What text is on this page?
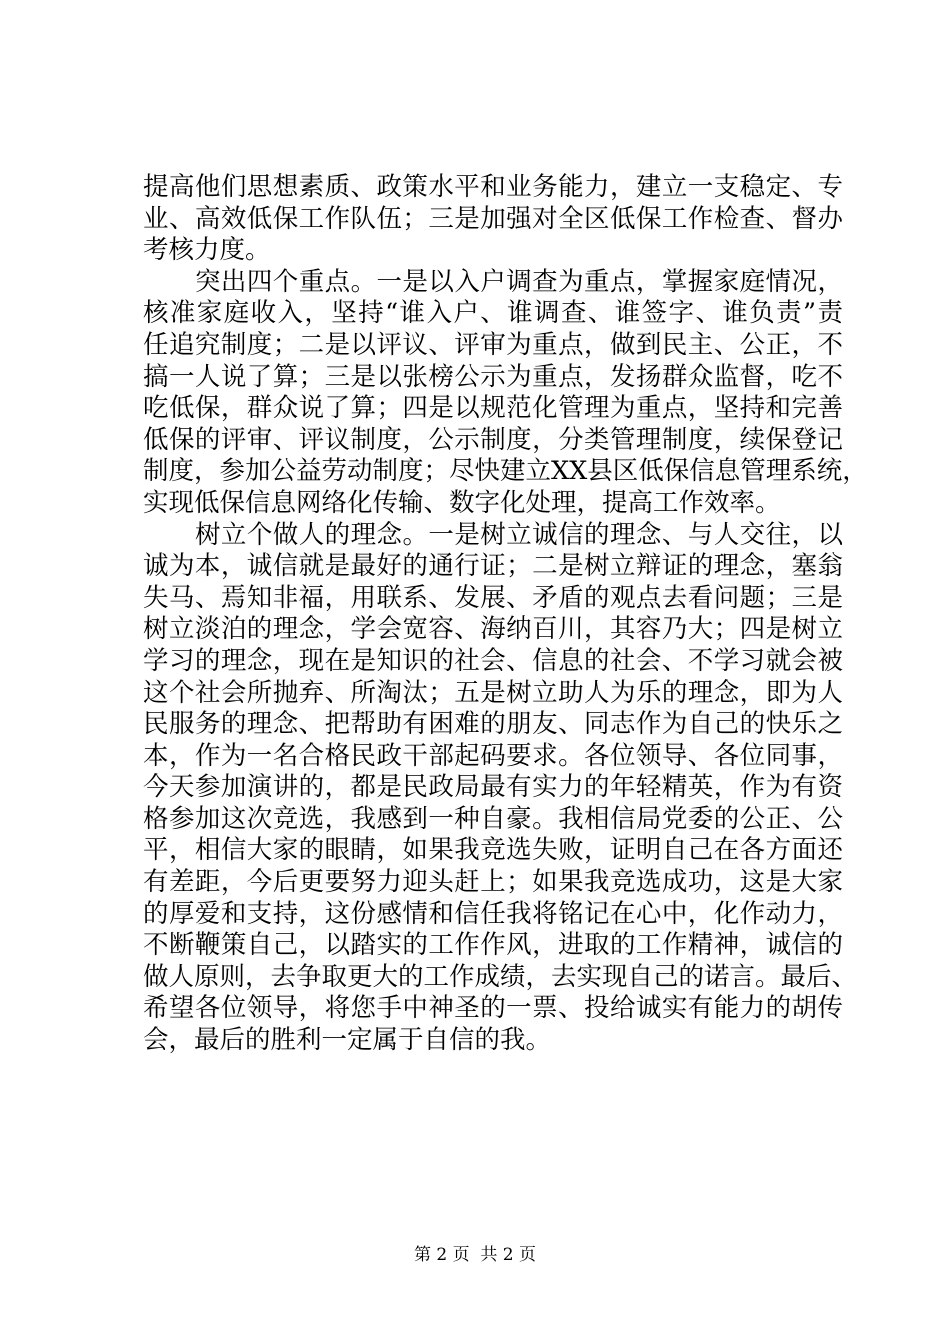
提高他们思想素质、政策水平和业务能力，建立一支稳定、专
业、高效低保工作队伍；三是加强对全区低保工作检查、督办
考核力度。
突出四个重点。一是以入户调查为重点，掌握家庭情况，
核准家庭收入，坚持“谁入户、谁调查、谁签字、谁负责”责
任追究制度；二是以评议、评审为重点，做到民主、公正，不
搞一人说了算；三是以张榜公示为重点，发扬群众监督，吃不
吃低保，群众说了算；四是以规范化管理为重点，坚持和完善
低保的评审、评议制度，公示制度，分类管理制度，续保登记
制度，参加公益劳动制度；尽快建立XX县区低保信息管理系统，
实现低保信息网络化传输、数字化处理，提高工作效率。
树立个做人的理念。一是树立诚信的理念、与人交往，以
诚为本，诚信就是最好的通行证；二是树立辩证的理念，塞翁
失马、焉知非福，用联系、发展、矛盾的观点去看问题；三是
树立淡泊的理念，学会宽容、海纳百川，其容乃大；四是树立
学习的理念，现在是知识的社会、信息的社会、不学习就会被
这个社会所抛弃、所淘汰；五是树立助人为乐的理念，即为人
民服务的理念、把帮助有困难的朋友、同志作为自己的快乐之
本，作为一名合格民政干部起码要求。各位领导、各位同事，
今天参加演讲的，都是民政局最有实力的年轻精英，作为有资
格参加这次竞选，我感到一种自豪。我相信局党委的公正、公
平，相信大家的眼睛，如果我竞选失败，证明自己在各方面还
有差距，今后更要努力迎头赶上；如果我竞选成功，这是大家
的厚爱和支持，这份感情和信任我将铭记在心中，化作动力，
不断鞭策自己，以踏实的工作作风，进取的工作精神，诚信的
做人原则，去争取更大的工作成绩，去实现自己的诺言。最后、
希望各位领导，将您手中神圣的一票、投给诚实有能力的胡传
会，最后的胜利一定属于自信的我。
第 2 页  共 2 页
